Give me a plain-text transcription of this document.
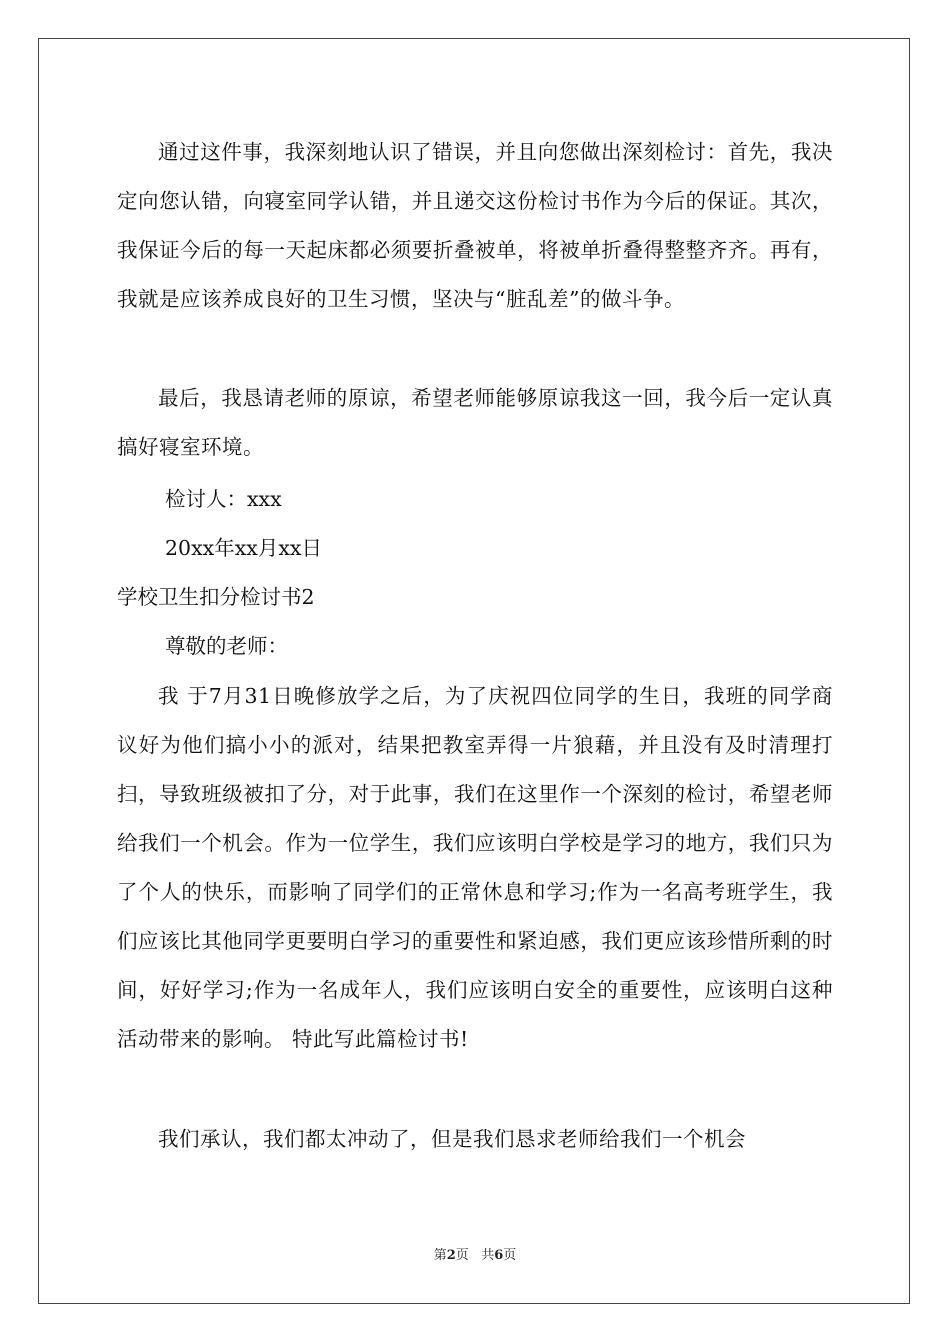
通过这件事，我深刻地认识了错误，并且向您做出深刻检讨：首先，我决定向您认错，向寝室同学认错，并且递交这份检讨书作为今后的保证。其次，我保证今后的每一天起床都必须要折叠被单，将被单折叠得整整齐齐。再有，我就是应该养成良好的卫生习惯，坚决与“脏乱差”的做斗争。

最后，我恳请老师的原谅，希望老师能够原谅我这一回，我今后一定认真搞好寝室环境。

检讨人：xxx
20xx年xx月xx日
学校卫生扣分检讨书2
尊敬的老师：

我 于7月31日晚修放学之后，为了庆祝四位同学的生日，我班的同学商议好为他们搞小小的派对，结果把教室弄得一片狼藉，并且没有及时清理打扫，导致班级被扣了分，对于此事，我们在这里作一个深刻的检讨，希望老师给我们一个机会。作为一位学生，我们应该明白学校是学习的地方，我们只为了个人的快乐，而影响了同学们的正常休息和学习;作为一名高考班学生，我们应该比其他同学更要明白学习的重要性和紧迫感，我们更应该珍惜所剩的时间，好好学习;作为一名成年人，我们应该明白安全的重要性，应该明白这种活动带来的影响。 特此写此篇检讨书!

我们承认，我们都太冲动了，但是我们恳求老师给我们一个机会

第2页 共6页
